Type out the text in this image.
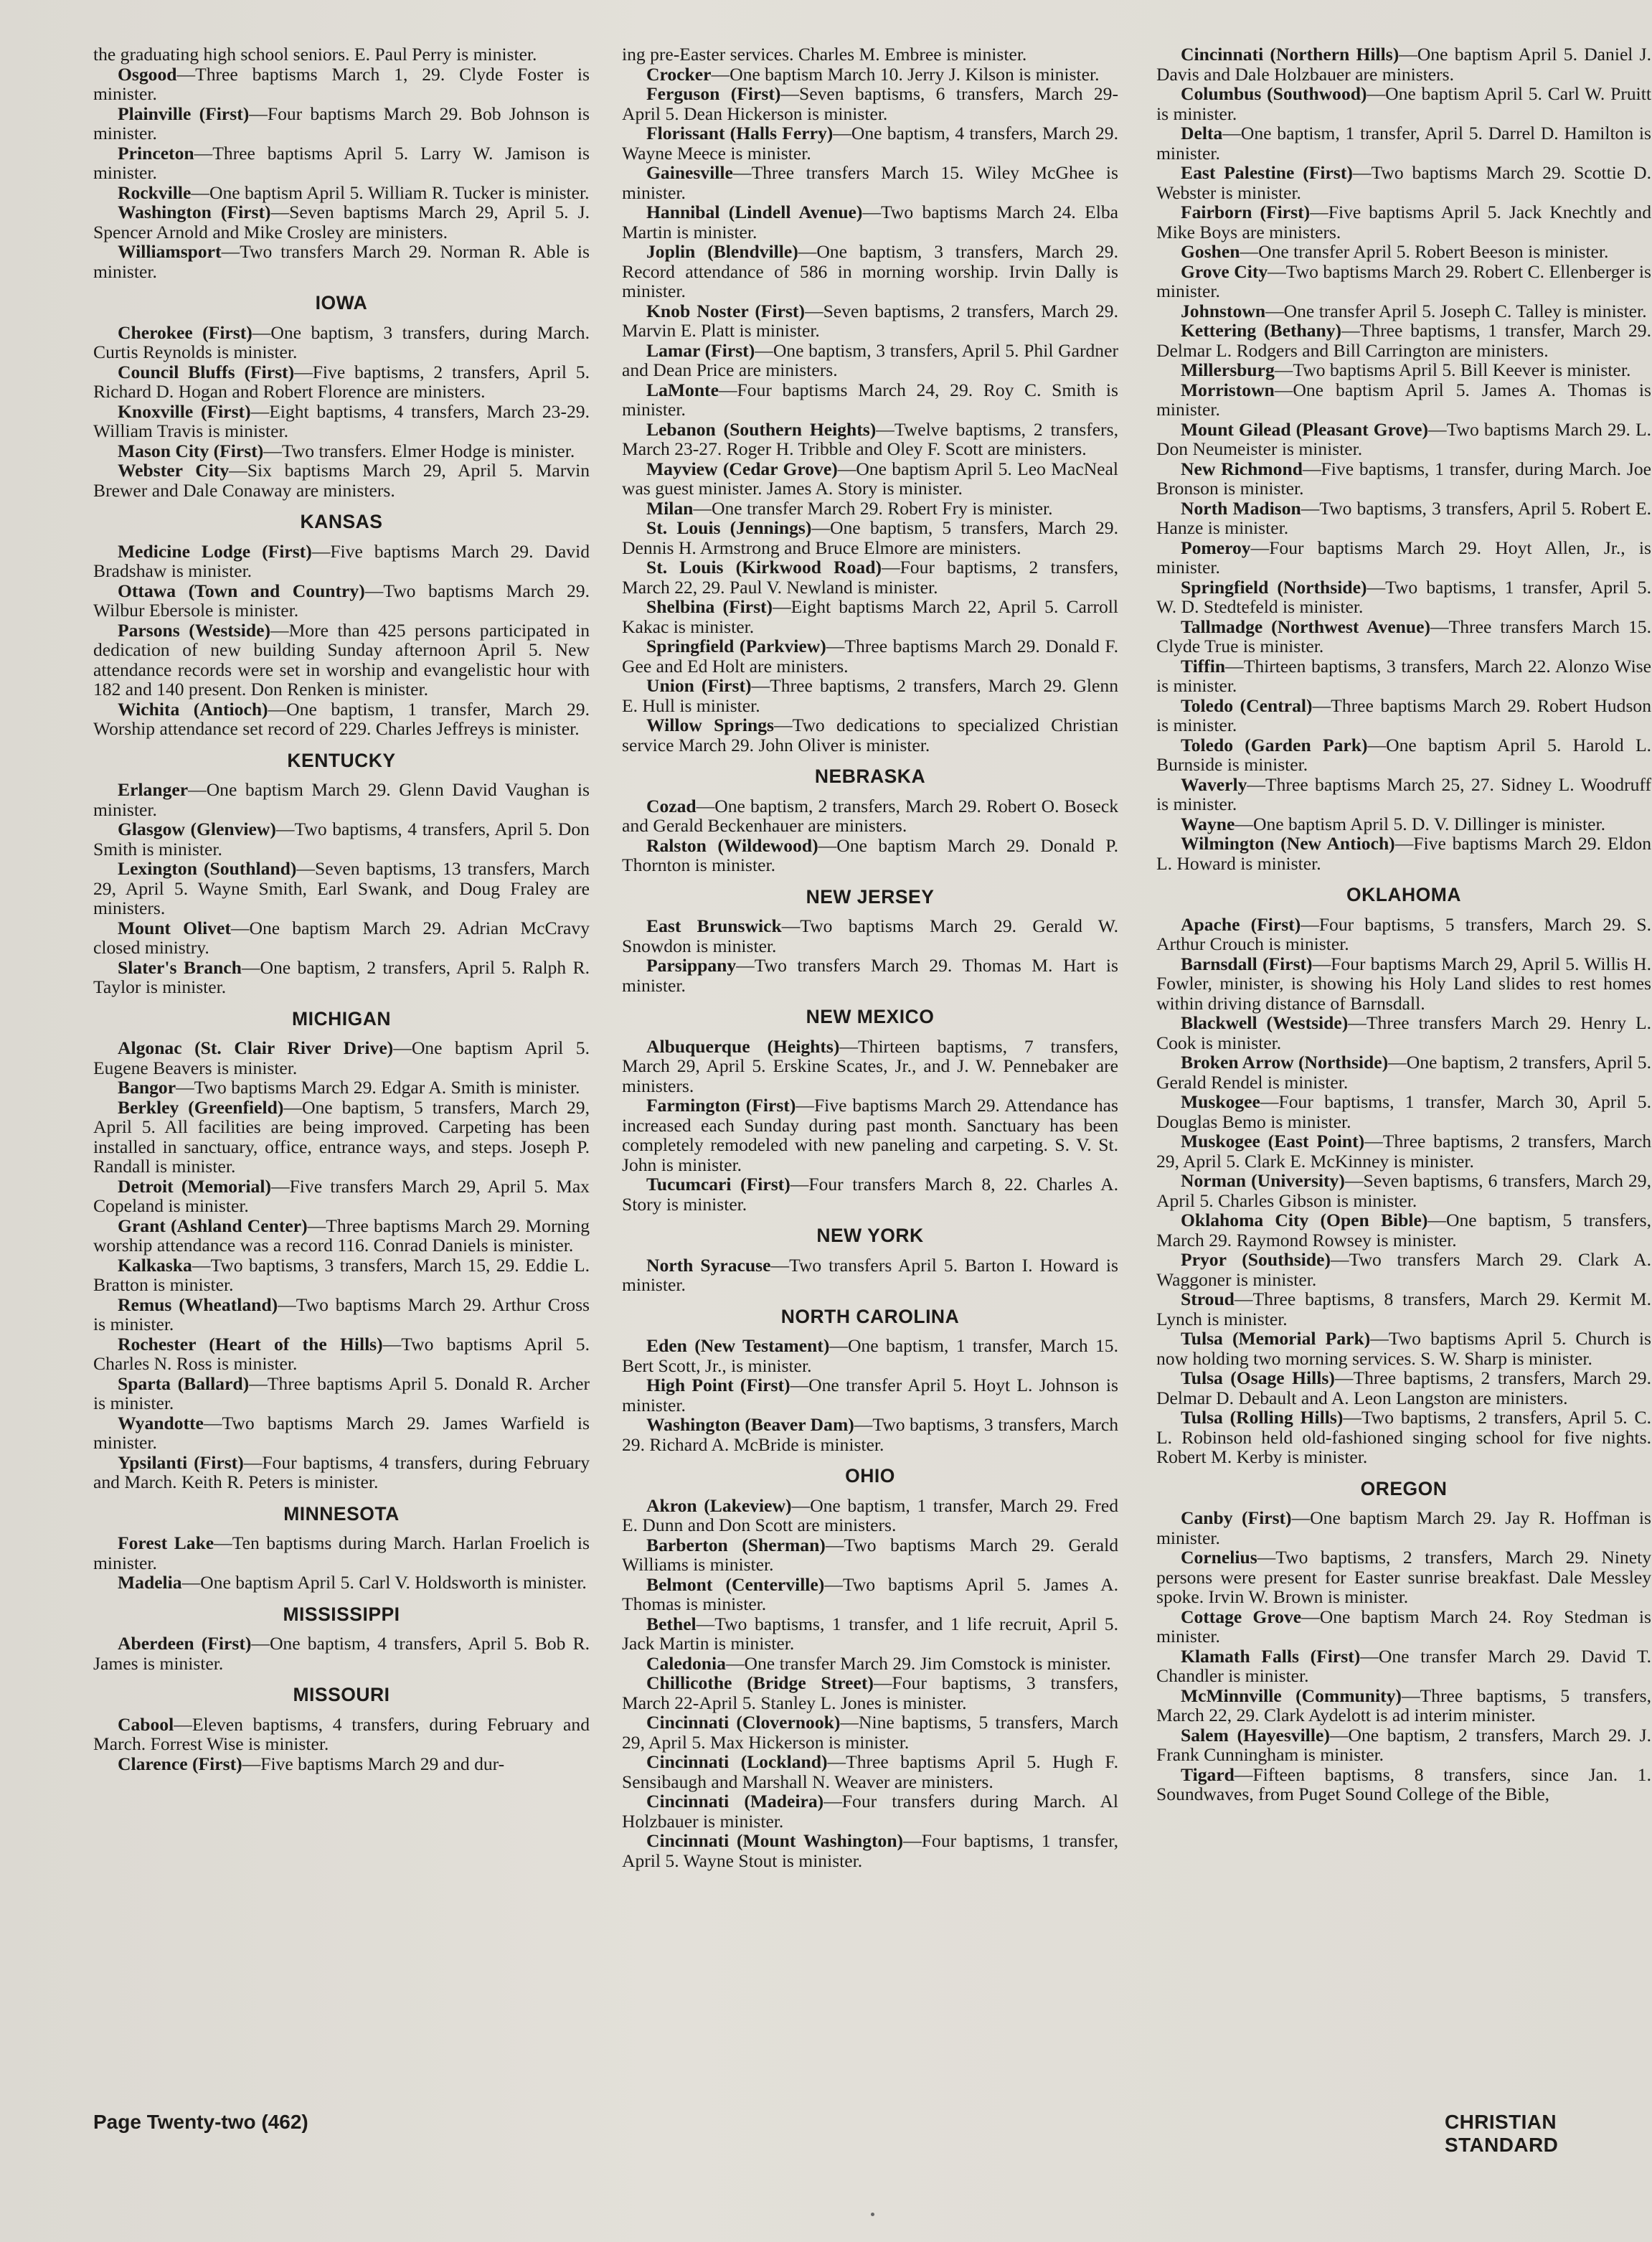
the graduating high school seniors. E. Paul Perry is minister.

Osgood—Three baptisms March 1, 29. Clyde Foster is minister.

Plainville (First)—Four baptisms March 29. Bob Johnson is minister.

Princeton—Three baptisms April 5. Larry W. Jamison is minister.

Rockville—One baptism April 5. William R. Tucker is minister.

Washington (First)—Seven baptisms March 29, April 5. J. Spencer Arnold and Mike Crosley are ministers.

Williamsport—Two transfers March 29. Norman R. Able is minister.

IOWA

Cherokee (First)—One baptism, 3 transfers, during March. Curtis Reynolds is minister.

Council Bluffs (First)—Five baptisms, 2 transfers, April 5. Richard D. Hogan and Robert Florence are ministers.

Knoxville (First)—Eight baptisms, 4 transfers, March 23-29. William Travis is minister.

Mason City (First)—Two transfers. Elmer Hodge is minister.

Webster City—Six baptisms March 29, April 5. Marvin Brewer and Dale Conaway are ministers.

KANSAS

Medicine Lodge (First)—Five baptisms March 29. David Bradshaw is minister.

Ottawa (Town and Country)—Two baptisms March 29. Wilbur Ebersole is minister.

Parsons (Westside)—More than 425 persons participated in dedication of new building Sunday afternoon April 5. New attendance records were set in worship and evangelistic hour with 182 and 140 present. Don Renken is minister.

Wichita (Antioch)—One baptism, 1 transfer, March 29. Worship attendance set record of 229. Charles Jeffreys is minister.

KENTUCKY

Erlanger—One baptism March 29. Glenn David Vaughan is minister.

Glasgow (Glenview)—Two baptisms, 4 transfers, April 5. Don Smith is minister.

Lexington (Southland)—Seven baptisms, 13 transfers, March 29, April 5. Wayne Smith, Earl Swank, and Doug Fraley are ministers.

Mount Olivet—One baptism March 29. Adrian McCravy closed ministry.

Slater's Branch—One baptism, 2 transfers, April 5. Ralph R. Taylor is minister.

MICHIGAN

Algonac (St. Clair River Drive)—One baptism April 5. Eugene Beavers is minister.

Bangor—Two baptisms March 29. Edgar A. Smith is minister.

Berkley (Greenfield)—One baptism, 5 transfers, March 29, April 5. All facilities are being improved. Carpeting has been installed in sanctuary, office, entrance ways, and steps. Joseph P. Randall is minister.

Detroit (Memorial)—Five transfers March 29, April 5. Max Copeland is minister.

Grant (Ashland Center)—Three baptisms March 29. Morning worship attendance was a record 116. Conrad Daniels is minister.

Kalkaska—Two baptisms, 3 transfers, March 15, 29. Eddie L. Bratton is minister.

Remus (Wheatland)—Two baptisms March 29. Arthur Cross is minister.

Rochester (Heart of the Hills)—Two baptisms April 5. Charles N. Ross is minister.

Sparta (Ballard)—Three baptisms April 5. Donald R. Archer is minister.

Wyandotte—Two baptisms March 29. James Warfield is minister.

Ypsilanti (First)—Four baptisms, 4 transfers, during February and March. Keith R. Peters is minister.

MINNESOTA

Forest Lake—Ten baptisms during March. Harlan Froelich is minister.

Madelia—One baptism April 5. Carl V. Holdsworth is minister.

MISSISSIPPI

Aberdeen (First)—One baptism, 4 transfers, April 5. Bob R. James is minister.

MISSOURI

Cabool—Eleven baptisms, 4 transfers, during February and March. Forrest Wise is minister.

Clarence (First)—Five baptisms March 29 and dur-

ing pre-Easter services. Charles M. Embree is minister.

Crocker—One baptism March 10. Jerry J. Kilson is minister.

Ferguson (First)—Seven baptisms, 6 transfers, March 29-April 5. Dean Hickerson is minister.

Florissant (Halls Ferry)—One baptism, 4 transfers, March 29. Wayne Meece is minister.

Gainesville—Three transfers March 15. Wiley McGhee is minister.

Hannibal (Lindell Avenue)—Two baptisms March 24. Elba Martin is minister.

Joplin (Blendville)—One baptism, 3 transfers, March 29. Record attendance of 586 in morning worship. Irvin Dally is minister.

Knob Noster (First)—Seven baptisms, 2 transfers, March 29. Marvin E. Platt is minister.

Lamar (First)—One baptism, 3 transfers, April 5. Phil Gardner and Dean Price are ministers.

LaMonte—Four baptisms March 24, 29. Roy C. Smith is minister.

Lebanon (Southern Heights)—Twelve baptisms, 2 transfers, March 23-27. Roger H. Tribble and Oley F. Scott are ministers.

Mayview (Cedar Grove)—One baptism April 5. Leo MacNeal was guest minister. James A. Story is minister.

Milan—One transfer March 29. Robert Fry is minister.

St. Louis (Jennings)—One baptism, 5 transfers, March 29. Dennis H. Armstrong and Bruce Elmore are ministers.

St. Louis (Kirkwood Road)—Four baptisms, 2 transfers, March 22, 29. Paul V. Newland is minister.

Shelbina (First)—Eight baptisms March 22, April 5. Carroll Kakac is minister.

Springfield (Parkview)—Three baptisms March 29. Donald F. Gee and Ed Holt are ministers.

Union (First)—Three baptisms, 2 transfers, March 29. Glenn E. Hull is minister.

Willow Springs—Two dedications to specialized Christian service March 29. John Oliver is minister.

NEBRASKA

Cozad—One baptism, 2 transfers, March 29. Robert O. Boseck and Gerald Beckenhauer are ministers.

Ralston (Wildewood)—One baptism March 29. Donald P. Thornton is minister.

NEW JERSEY

East Brunswick—Two baptisms March 29. Gerald W. Snowdon is minister.

Parsippany—Two transfers March 29. Thomas M. Hart is minister.

NEW MEXICO

Albuquerque (Heights)—Thirteen baptisms, 7 transfers, March 29, April 5. Erskine Scates, Jr., and J. W. Pennebaker are ministers.

Farmington (First)—Five baptisms March 29. Attendance has increased each Sunday during past month. Sanctuary has been completely remodeled with new paneling and carpeting. S. V. St. John is minister.

Tucumcari (First)—Four transfers March 8, 22. Charles A. Story is minister.

NEW YORK

North Syracuse—Two transfers April 5. Barton I. Howard is minister.

NORTH CAROLINA

Eden (New Testament)—One baptism, 1 transfer, March 15. Bert Scott, Jr., is minister.

High Point (First)—One transfer April 5. Hoyt L. Johnson is minister.

Washington (Beaver Dam)—Two baptisms, 3 transfers, March 29. Richard A. McBride is minister.

OHIO

Akron (Lakeview)—One baptism, 1 transfer, March 29. Fred E. Dunn and Don Scott are ministers.

Barberton (Sherman)—Two baptisms March 29. Gerald Williams is minister.

Belmont (Centerville)—Two baptisms April 5. James A. Thomas is minister.

Bethel—Two baptisms, 1 transfer, and 1 life recruit, April 5. Jack Martin is minister.

Caledonia—One transfer March 29. Jim Comstock is minister.

Chillicothe (Bridge Street)—Four baptisms, 3 transfers, March 22-April 5. Stanley L. Jones is minister.

Cincinnati (Clovernook)—Nine baptisms, 5 transfers, March 29, April 5. Max Hickerson is minister.

Cincinnati (Lockland)—Three baptisms April 5. Hugh F. Sensibaugh and Marshall N. Weaver are ministers.

Cincinnati (Madeira)—Four transfers during March. Al Holzbauer is minister.

Cincinnati (Mount Washington)—Four baptisms, 1 transfer, April 5. Wayne Stout is minister.

Cincinnati (Northern Hills)—One baptism April 5. Daniel J. Davis and Dale Holzbauer are ministers.

Columbus (Southwood)—One baptism April 5. Carl W. Pruitt is minister.

Delta—One baptism, 1 transfer, April 5. Darrel D. Hamilton is minister.

East Palestine (First)—Two baptisms March 29. Scottie D. Webster is minister.

Fairborn (First)—Five baptisms April 5. Jack Knechtly and Mike Boys are ministers.

Goshen—One transfer April 5. Robert Beeson is minister.

Grove City—Two baptisms March 29. Robert C. Ellenberger is minister.

Johnstown—One transfer April 5. Joseph C. Talley is minister.

Kettering (Bethany)—Three baptisms, 1 transfer, March 29. Delmar L. Rodgers and Bill Carrington are ministers.

Millersburg—Two baptisms April 5. Bill Keever is minister.

Morristown—One baptism April 5. James A. Thomas is minister.

Mount Gilead (Pleasant Grove)—Two baptisms March 29. L. Don Neumeister is minister.

New Richmond—Five baptisms, 1 transfer, during March. Joe Bronson is minister.

North Madison—Two baptisms, 3 transfers, April 5. Robert E. Hanze is minister.

Pomeroy—Four baptisms March 29. Hoyt Allen, Jr., is minister.

Springfield (Northside)—Two baptisms, 1 transfer, April 5. W. D. Stedtefeld is minister.

Tallmadge (Northwest Avenue)—Three transfers March 15. Clyde True is minister.

Tiffin—Thirteen baptisms, 3 transfers, March 22. Alonzo Wise is minister.

Toledo (Central)—Three baptisms March 29. Robert Hudson is minister.

Toledo (Garden Park)—One baptism April 5. Harold L. Burnside is minister.

Waverly—Three baptisms March 25, 27. Sidney L. Woodruff is minister.

Wayne—One baptism April 5. D. V. Dillinger is minister.

Wilmington (New Antioch)—Five baptisms March 29. Eldon L. Howard is minister.

OKLAHOMA

Apache (First)—Four baptisms, 5 transfers, March 29. S. Arthur Crouch is minister.

Barnsdall (First)—Four baptisms March 29, April 5. Willis H. Fowler, minister, is showing his Holy Land slides to rest homes within driving distance of Barnsdall.

Blackwell (Westside)—Three transfers March 29. Henry L. Cook is minister.

Broken Arrow (Northside)—One baptism, 2 transfers, April 5. Gerald Rendel is minister.

Muskogee—Four baptisms, 1 transfer, March 30, April 5. Douglas Bemo is minister.

Muskogee (East Point)—Three baptisms, 2 transfers, March 29, April 5. Clark E. McKinney is minister.

Norman (University)—Seven baptisms, 6 transfers, March 29, April 5. Charles Gibson is minister.

Oklahoma City (Open Bible)—One baptism, 5 transfers, March 29. Raymond Rowsey is minister.

Pryor (Southside)—Two transfers March 29. Clark A. Waggoner is minister.

Stroud—Three baptisms, 8 transfers, March 29. Kermit M. Lynch is minister.

Tulsa (Memorial Park)—Two baptisms April 5. Church is now holding two morning services. S. W. Sharp is minister.

Tulsa (Osage Hills)—Three baptisms, 2 transfers, March 29. Delmar D. Debault and A. Leon Langston are ministers.

Tulsa (Rolling Hills)—Two baptisms, 2 transfers, April 5. C. L. Robinson held old-fashioned singing school for five nights. Robert M. Kerby is minister.

OREGON

Canby (First)—One baptism March 29. Jay R. Hoffman is minister.

Cornelius—Two baptisms, 2 transfers, March 29. Ninety persons were present for Easter sunrise breakfast. Dale Messley spoke. Irvin W. Brown is minister.

Cottage Grove—One baptism March 24. Roy Stedman is minister.

Klamath Falls (First)—One transfer March 29. David T. Chandler is minister.

McMinnville (Community)—Three baptisms, 5 transfers, March 22, 29. Clark Aydelott is ad interim minister.

Salem (Hayesville)—One baptism, 2 transfers, March 29. J. Frank Cunningham is minister.

Tigard—Fifteen baptisms, 8 transfers, since Jan. 1. Soundwaves, from Puget Sound College of the Bible,

Page Twenty-two (462)	CHRISTIAN STANDARD
